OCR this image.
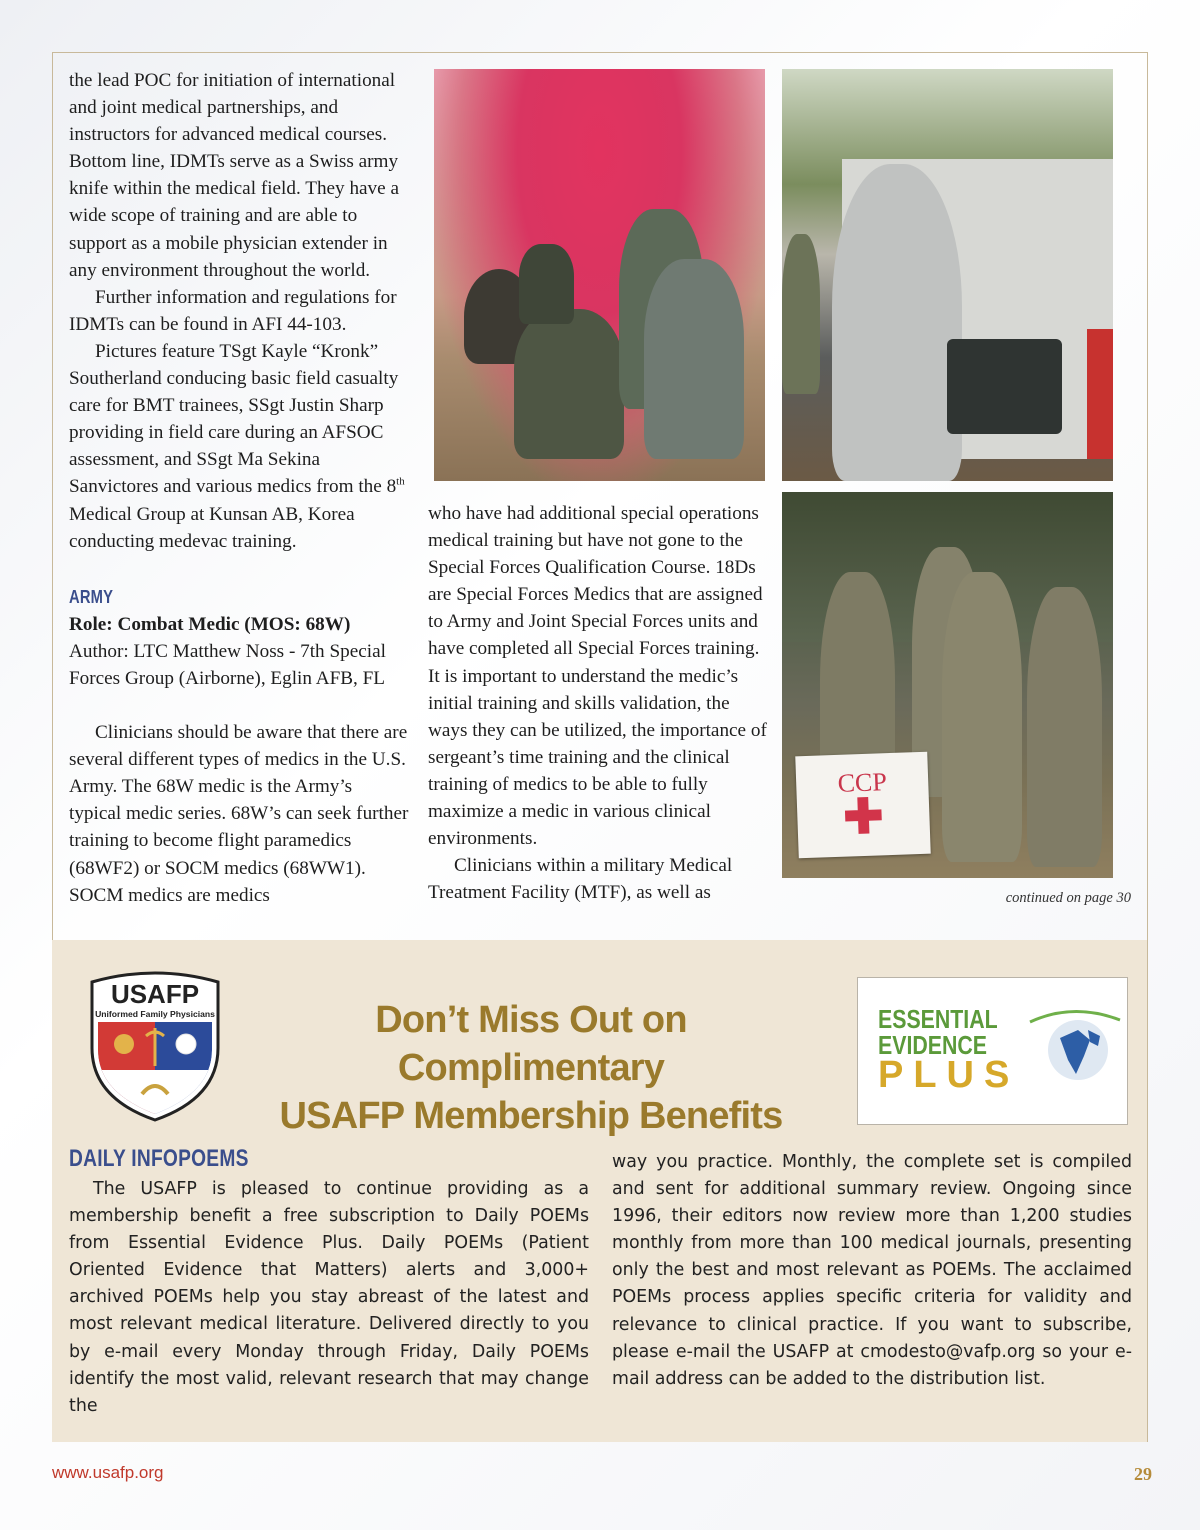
the lead POC for initiation of international and joint medical partnerships, and instructors for advanced medical courses. Bottom line, IDMTs serve as a Swiss army knife within the medical field. They have a wide scope of training and are able to support as a mobile physician extender in any environment throughout the world.

Further information and regulations for IDMTs can be found in AFI 44-103.

Pictures feature TSgt Kayle “Kronk” Southerland conducing basic field casualty care for BMT trainees, SSgt Justin Sharp providing in field care during an AFSOC assessment, and SSgt Ma Sekina Sanvictores and various medics from the 8th Medical Group at Kunsan AB, Korea conducting medevac training.

ARMY

Role: Combat Medic (MOS: 68W)

Author: LTC Matthew Noss - 7th Special Forces Group (Airborne), Eglin AFB, FL

Clinicians should be aware that there are several different types of medics in the U.S. Army. The 68W medic is the Army’s typical medic series. 68W’s can seek further training to become flight paramedics (68WF2) or SOCM medics (68WW1). SOCM medics are medics

who have had additional special operations medical training but have not gone to the Special Forces Qualification Course. 18Ds are Special Forces Medics that are assigned to Army and Joint Special Forces units and have completed all Special Forces training. It is important to understand the medic’s initial training and skills validation, the ways they can be utilized, the importance of sergeant’s time training and the clinical training of medics to be able to fully maximize a medic in various clinical environments.

Clinicians within a military Medical Treatment Facility (MTF), as well as

CCP
✚
continued on page 30
USAFP
Uniformed Family Physicians	Don’t Miss Out on Complimentary
USAFP Membership Benefits
ESSENTIAL
EVIDENCE
PLUS
DAILY INFOPOEMS

The USAFP is pleased to continue providing as a membership benefit a free subscription to Daily POEMs from Essential Evidence Plus. Daily POEMs (Patient Oriented Evidence that Matters) alerts and 3,000+ archived POEMs help you stay abreast of the latest and most relevant medical literature. Delivered directly to you by e-mail every Monday through Friday, Daily POEMs identify the most valid, relevant research that may change the

way you practice. Monthly, the complete set is compiled and sent for additional summary review. Ongoing since 1996, their editors now review more than 1,200 studies monthly from more than 100 medical journals, presenting only the best and most relevant as POEMs. The acclaimed POEMs process applies specific criteria for validity and relevance to clinical practice. If you want to subscribe, please e-mail the USAFP at cmodesto@vafp.org so your e-mail address can be added to the distribution list.

www.usafp.org	29
